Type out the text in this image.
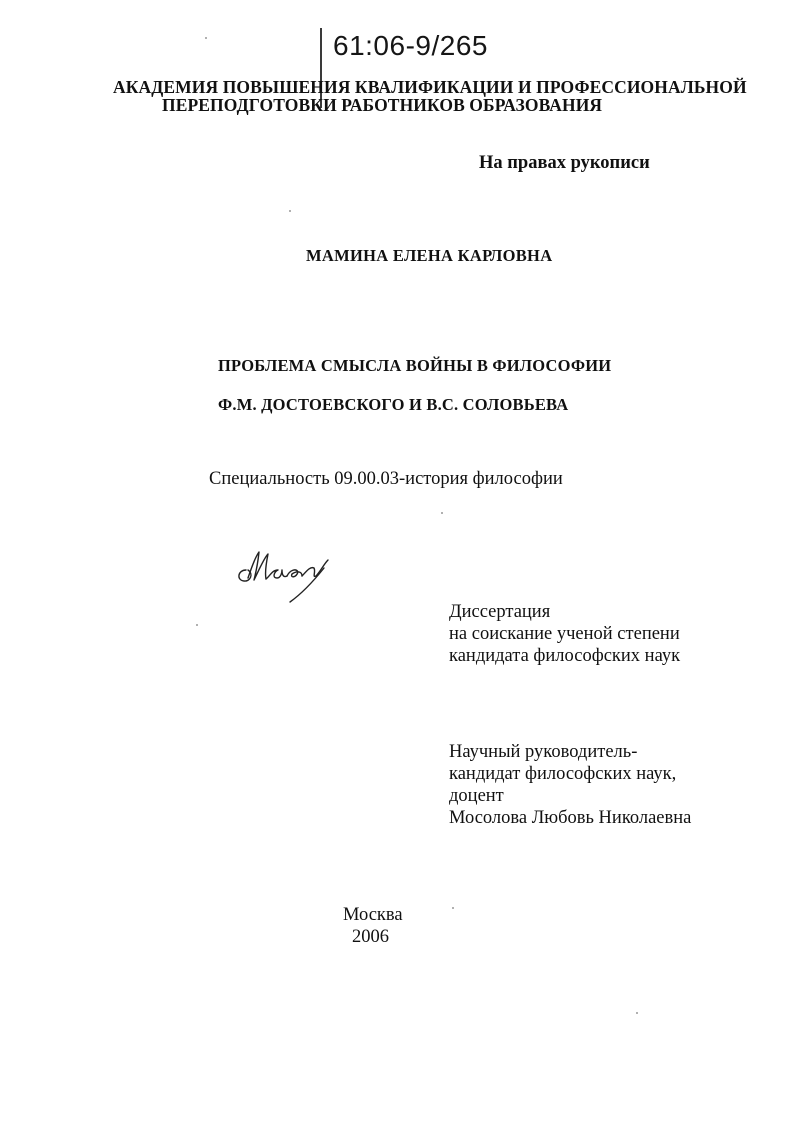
61:06-9/265
АКАДЕМИЯ ПОВЫШЕНИЯ КВАЛИФИКАЦИИ И ПРОФЕССИОНАЛЬНОЙ
ПЕРЕПОДГОТОВКИ РАБОТНИКОВ ОБРАЗОВАНИЯ
На правах рукописи
МАМИНА ЕЛЕНА КАРЛОВНА
ПРОБЛЕМА СМЫСЛА ВОЙНЫ В ФИЛОСОФИИ
Ф.М. ДОСТОЕВСКОГО И В.С. СОЛОВЬЕВА
Специальность 09.00.03-история философии
Диссертация
на соискание ученой степени
кандидата философских наук
Научный руководитель-
кандидат философских наук,
доцент
Мосолова Любовь Николаевна
Москва
2006
